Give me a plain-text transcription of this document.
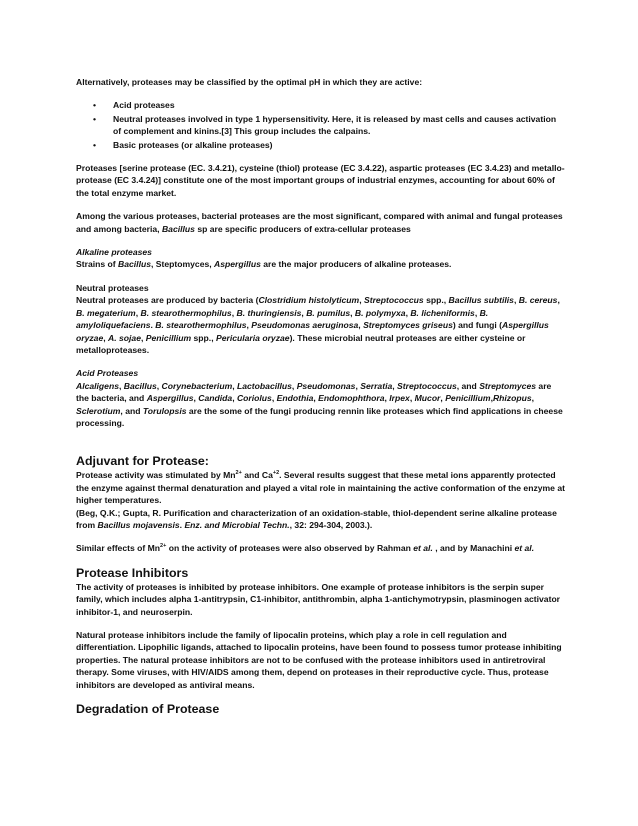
Alternatively, proteases may be classified by the optimal pH in which they are active:

• Acid proteases
• Neutral proteases involved in type 1 hypersensitivity. Here, it is released by mast cells and causes activation of complement and kinins.[3] This group includes the calpains.
• Basic proteases (or alkaline proteases)

Proteases [serine protease (EC. 3.4.21), cysteine (thiol) protease (EC 3.4.22), aspartic proteases (EC 3.4.23) and metallo-protease (EC 3.4.24)] constitute one of the most important groups of industrial enzymes, accounting for about 60% of the total enzyme market.

Among the various proteases, bacterial proteases are the most significant, compared with animal and fungal proteases and among bacteria, Bacillus sp are specific producers of extra-cellular proteases

Alkaline proteases
Strains of Bacillus, Steptomyces, Aspergillus are the major producers of alkaline proteases.

Neutral proteases
Neutral proteases are produced by bacteria (Clostridium histolyticum, Streptococcus spp., Bacillus subtilis, B. cereus, B. megaterium, B. stearothermophilus, B. thuringiensis, B. pumilus, B. polymyxa, B. licheniformis, B. amyloliquefaciens. B. stearothermophilus, Pseudomonas aeruginosa, Streptomyces griseus) and fungi (Aspergillus oryzae, A. sojae, Penicillium spp., Pericularia oryzae). These microbial neutral proteases are either cysteine or metalloproteases.

Acid Proteases
Alcaligens, Bacillus, Corynebacterium, Lactobacillus, Pseudomonas, Serratia, Streptococcus, and Streptomyces are the bacteria, and Aspergillus, Candida, Coriolus, Endothia, Endomophthora, Irpex, Mucor, Penicillium,Rhizopus, Sclerotium, and Torulopsis are the some of the fungi producing rennin like proteases which find applications in cheese processing.

Adjuvant for Protease:

Protease activity was stimulated by $Mn^{2+}$ and $Ca^{+2}$. Several results suggest that these metal ions apparently protected the enzyme against thermal denaturation and played a vital role in maintaining the active conformation of the enzyme at higher temperatures.
(Beg, Q.K.; Gupta, R. Purification and characterization of an oxidation-stable, thiol-dependent serine alkaline protease from Bacillus mojavensis. Enz. and Microbial Techn., 32: 294-304, 2003.).

Similar effects of $Mn^{2+}$ on the activity of proteases were also observed by Rahman et al. , and by Manachini et al.

Protease Inhibitors

The activity of proteases is inhibited by protease inhibitors. One example of protease inhibitors is the serpin super family, which includes alpha 1-antitrypsin, C1-inhibitor, antithrombin, alpha 1-antichymotrypsin, plasminogen activator inhibitor-1, and neuroserpin.

Natural protease inhibitors include the family of lipocalin proteins, which play a role in cell regulation and differentiation. Lipophilic ligands, attached to lipocalin proteins, have been found to possess tumor protease inhibiting properties. The natural protease inhibitors are not to be confused with the protease inhibitors used in antiretroviral therapy. Some viruses, with HIV/AIDS among them, depend on proteases in their reproductive cycle. Thus, protease inhibitors are developed as antiviral means.

Degradation of Protease
